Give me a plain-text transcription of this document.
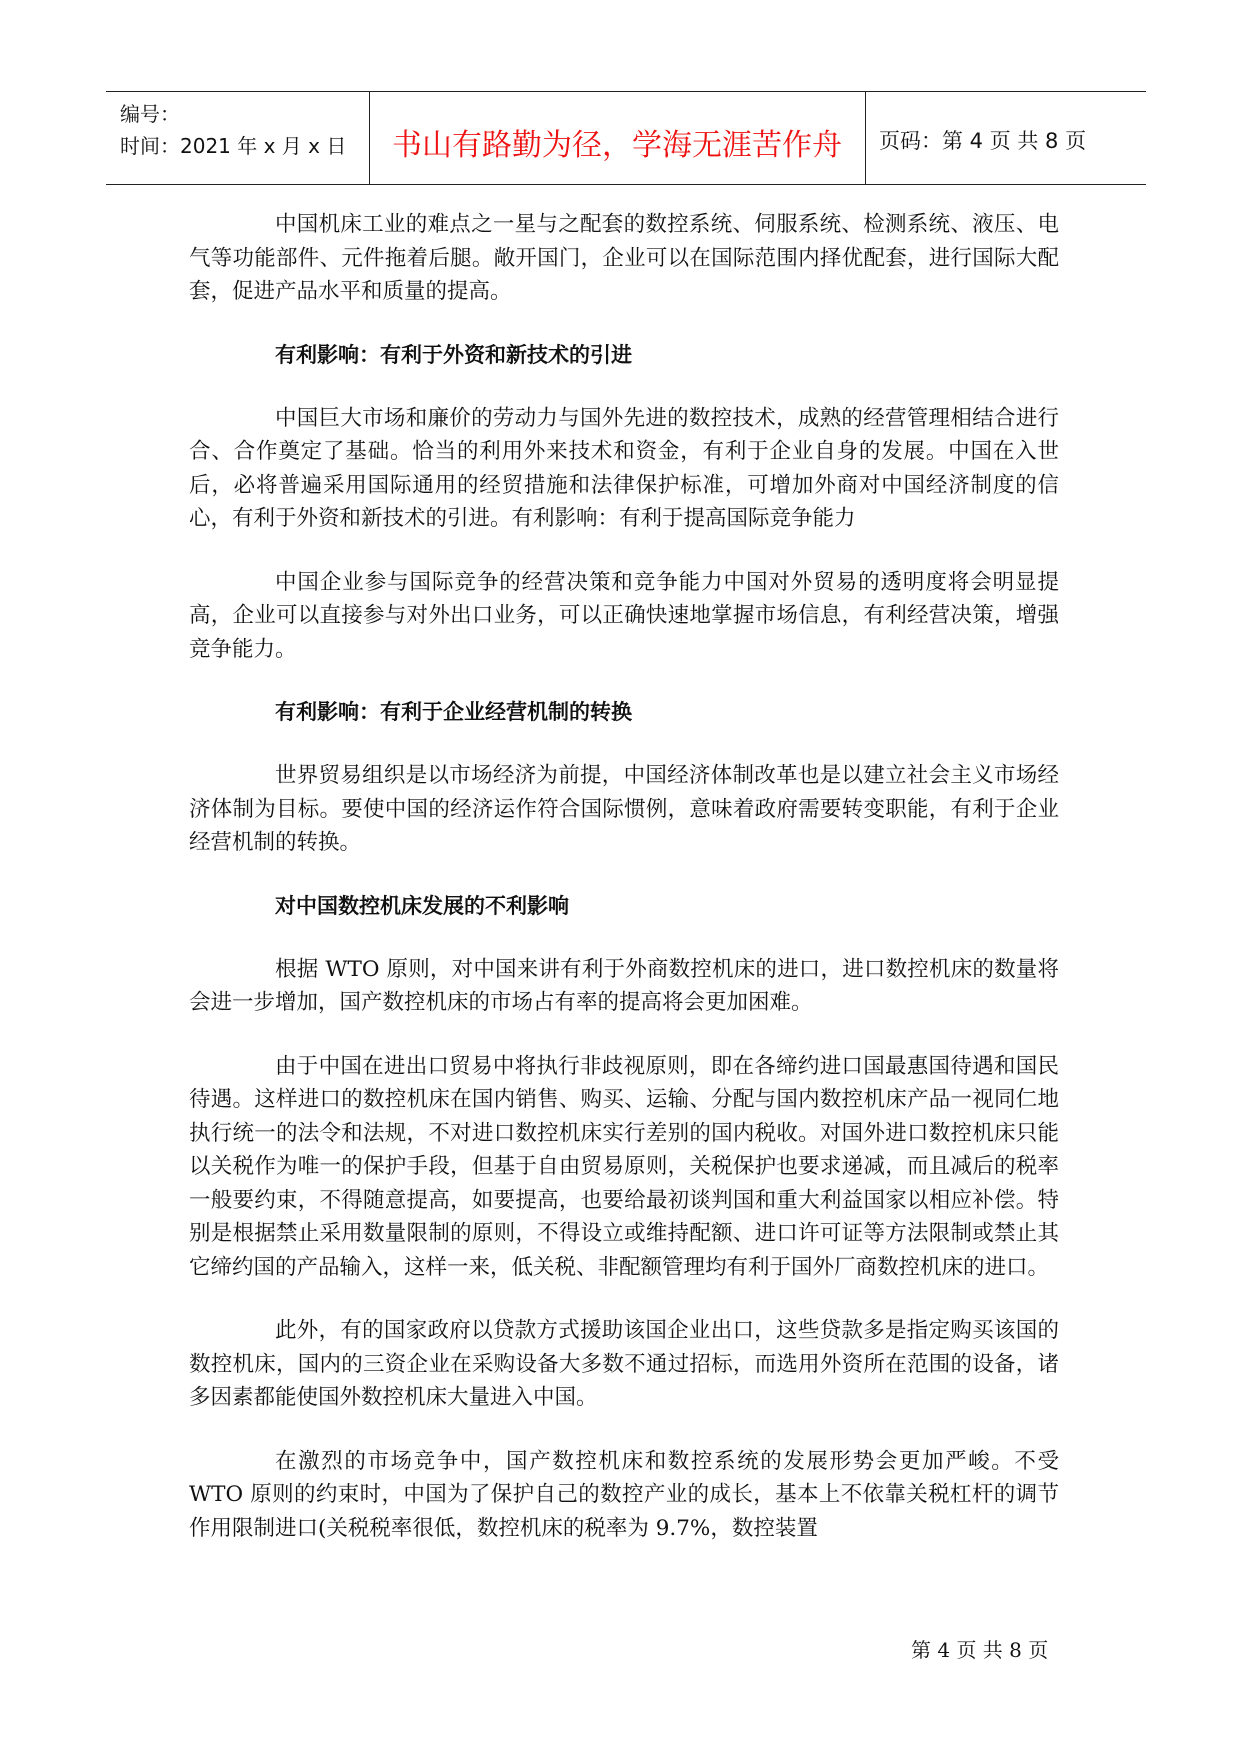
编号：
时间：2021 年 x 月 x 日	书山有路勤为径，学海无涯苦作舟	页码：第 4 页 共 8 页

中国机床工业的难点之一星与之配套的数控系统、伺服系统、检测系统、液压、电气等功能部件、元件拖着后腿。敞开国门，企业可以在国际范围内择优配套，进行国际大配套，促进产品水平和质量的提高。

有利影响：有利于外资和新技术的引进

中国巨大市场和廉价的劳动力与国外先进的数控技术，成熟的经营管理相结合进行合、合作奠定了基础。恰当的利用外来技术和资金，有利于企业自身的发展。中国在入世后，必将普遍采用国际通用的经贸措施和法律保护标准，可增加外商对中国经济制度的信心，有利于外资和新技术的引进。有利影响：有利于提高国际竞争能力

中国企业参与国际竞争的经营决策和竞争能力中国对外贸易的透明度将会明显提高，企业可以直接参与对外出口业务，可以正确快速地掌握市场信息，有利经营决策，增强竞争能力。

有利影响：有利于企业经营机制的转换

世界贸易组织是以市场经济为前提，中国经济体制改革也是以建立社会主义市场经济体制为目标。要使中国的经济运作符合国际惯例，意味着政府需要转变职能，有利于企业经营机制的转换。

对中国数控机床发展的不利影响

根据 WTO 原则，对中国来讲有利于外商数控机床的进口，进口数控机床的数量将会进一步增加，国产数控机床的市场占有率的提高将会更加困难。

由于中国在进出口贸易中将执行非歧视原则，即在各缔约进口国最惠国待遇和国民待遇。这样进口的数控机床在国内销售、购买、运输、分配与国内数控机床产品一视同仁地执行统一的法令和法规，不对进口数控机床实行差别的国内税收。对国外进口数控机床只能以关税作为唯一的保护手段，但基于自由贸易原则，关税保护也要求递减，而且减后的税率一般要约束，不得随意提高，如要提高，也要给最初谈判国和重大利益国家以相应补偿。特别是根据禁止采用数量限制的原则，不得设立或维持配额、进口许可证等方法限制或禁止其它缔约国的产品输入，这样一来，低关税、非配额管理均有利于国外厂商数控机床的进口。

此外，有的国家政府以贷款方式援助该国企业出口，这些贷款多是指定购买该国的数控机床，国内的三资企业在采购设备大多数不通过招标，而选用外资所在范围的设备，诸多因素都能使国外数控机床大量进入中国。

在激烈的市场竞争中，国产数控机床和数控系统的发展形势会更加严峻。不受 WTO 原则的约束时，中国为了保护自己的数控产业的成长，基本上不依靠关税杠杆的调节作用限制进口(关税税率很低，数控机床的税率为 9.7%，数控装置

第 4 页 共 8 页
